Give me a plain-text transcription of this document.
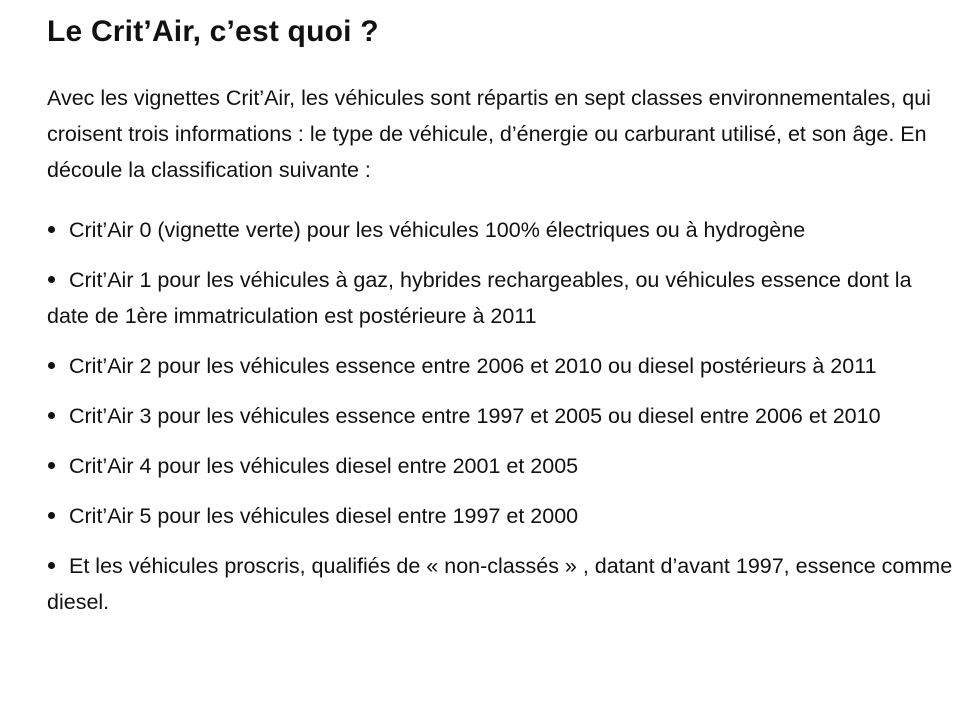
Le Crit’Air, c’est quoi ?

Avec les vignettes Crit’Air, les véhicules sont répartis en sept classes environnementales, qui croisent trois informations : le type de véhicule, d’énergie ou carburant utilisé, et son âge. En découle la classification suivante :

Crit’Air 0 (vignette verte) pour les véhicules 100% électriques ou à hydrogène
Crit’Air 1 pour les véhicules à gaz, hybrides rechargeables, ou véhicules essence dont la date de 1ère immatriculation est postérieure à 2011
Crit’Air 2 pour les véhicules essence entre 2006 et 2010 ou diesel postérieurs à 2011
Crit’Air 3 pour les véhicules essence entre 1997 et 2005 ou diesel entre 2006 et 2010
Crit’Air 4 pour les véhicules diesel entre 2001 et 2005
Crit’Air 5 pour les véhicules diesel entre 1997 et 2000
Et les véhicules proscris, qualifiés de « non-classés » , datant d’avant 1997, essence comme diesel.
